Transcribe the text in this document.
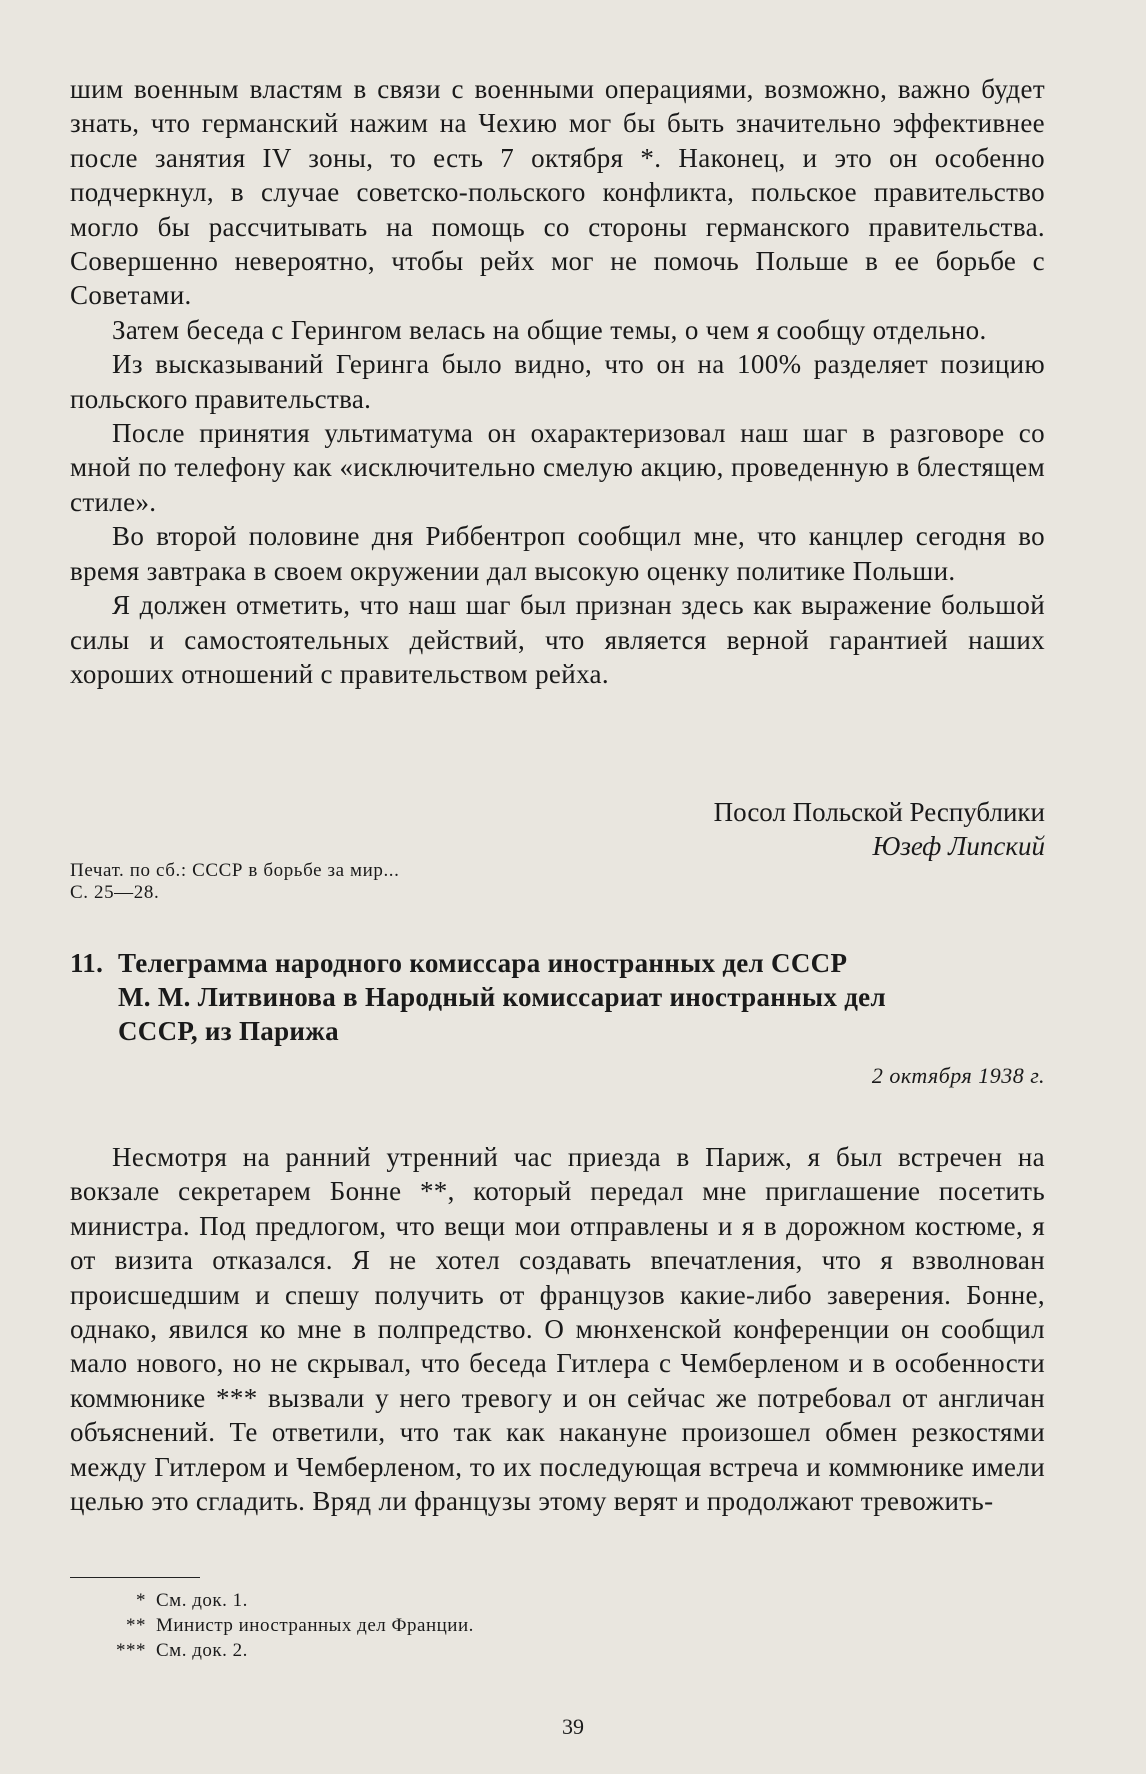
шим военным властям в связи с военными операциями, возможно, важно будет знать, что германский нажим на Чехию мог бы быть значительно эффективнее после занятия IV зоны, то есть 7 октября *. Наконец, и это он особенно подчеркнул, в случае советско-польского конфликта, польское правительство могло бы рассчитывать на помощь со стороны германского правительства. Совершенно невероятно, чтобы рейх мог не помочь Польше в ее борьбе с Советами.

Затем беседа с Герингом велась на общие темы, о чем я сообщу отдельно.

Из высказываний Геринга было видно, что он на 100% разделяет позицию польского правительства.

После принятия ультиматума он охарактеризовал наш шаг в разговоре со мной по телефону как «исключительно смелую акцию, проведенную в блестящем стиле».

Во второй половине дня Риббентроп сообщил мне, что канцлер сегодня во время завтрака в своем окружении дал высокую оценку политике Польши.

Я должен отметить, что наш шаг был признан здесь как выражение большой силы и самостоятельных действий, что является верной гарантией наших хороших отношений с правительством рейха.

Посол Польской Республики
Юзеф Липский
Печат. по сб.: СССР в борьбе за мир...
С. 25—28.
11. Телеграмма народного комиссара иностранных дел СССР
М. М. Литвинова в Народный комиссариат иностранных дел
СССР, из Парижа
2 октября 1938 г.

Несмотря на ранний утренний час приезда в Париж, я был встречен на вокзале секретарем Бонне **, который передал мне приглашение посетить министра. Под предлогом, что вещи мои отправлены и я в дорожном костюме, я от визита отказался. Я не хотел создавать впечатления, что я взволнован происшедшим и спешу получить от французов какие-либо заверения. Бонне, однако, явился ко мне в полпредство. О мюнхенской конференции он сообщил мало нового, но не скрывал, что беседа Гитлера с Чемберленом и в особенности коммюнике *** вызвали у него тревогу и он сейчас же потребовал от англичан объяснений. Те ответили, что так как накануне произошел обмен резкостями между Гитлером и Чемберленом, то их последующая встреча и коммюнике имели целью это сгладить. Вряд ли французы этому верят и продолжают тревожить-

* См. док. 1.
** Министр иностранных дел Франции.
*** См. док. 2.
39
